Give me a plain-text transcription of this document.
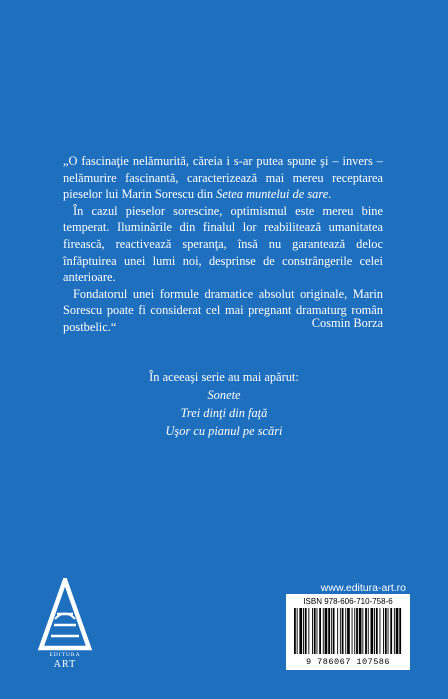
„O fascinaţie nelămurită, căreia i s-ar putea spune şi – invers – nelămurire fascinantă, caracterizează mai mereu receptarea pieselor lui Marin Sorescu din Setea muntelui de sare.

În cazul pieselor sorescine, optimismul este mereu bine temperat. Iluminările din finalul lor reabilitează umanitatea firească, reactivează speranţa, însă nu garantează deloc înfăptuirea unei lumi noi, desprinse de constrângerile celei anterioare.

Fondatorul unei formule dramatice absolut originale, Marin Sorescu poate fi considerat cel mai pregnant dramaturg român postbelic.“	Cosmin Borza
În aceeaşi serie au mai apărut:
Sonete
Trei dinţi din faţă
Uşor cu pianul pe scări
EDITURA
ART
www.editura-art.ro
ISBN 978-606-710-758-6
9 786067 107586
